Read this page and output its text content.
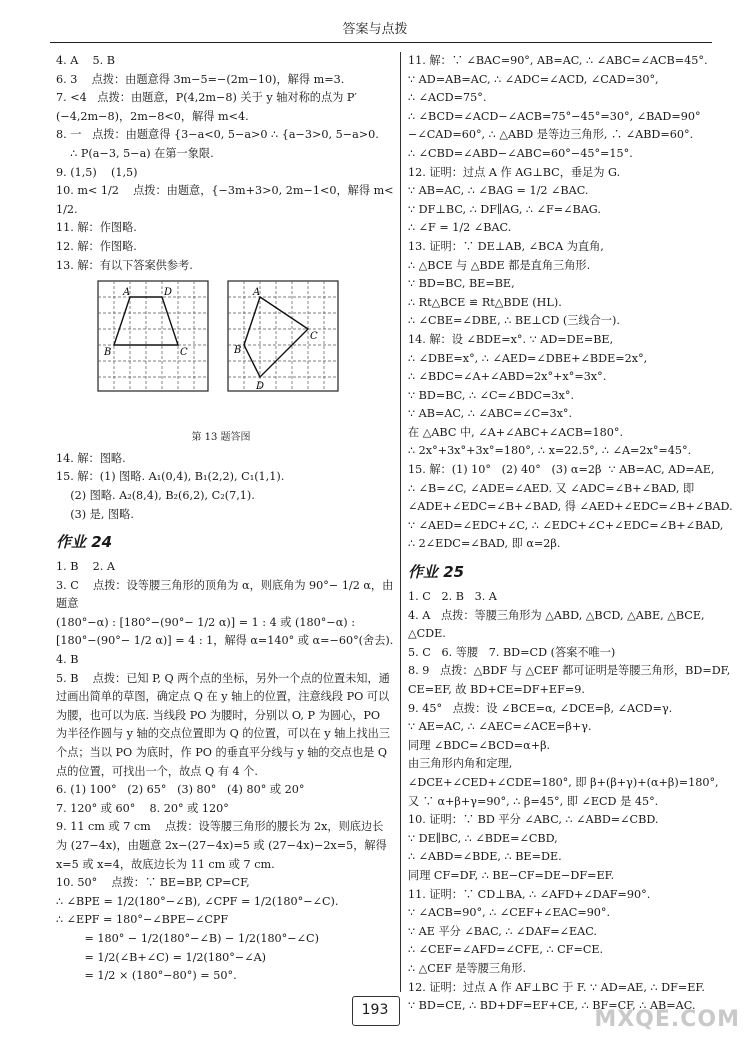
答案与点拨

4. A    5. B

6. 3    点拨：由题意得 3m−5=−(2m−10)，解得 m=3.

7. <4   点拨：由题意，P(4,2m−8) 关于 y 轴对称的点为 P′(−4,2m−8)，2m−8<0，解得 m<4.

8. 一   点拨：由题意得 {3−a<0, 5−a>0 ∴ {a−3>0, 5−a>0.

∴ P(a−3, 5−a) 在第一象限.

9. (1,5)    (1,5)

10. m< 1/2    点拨：由题意，{−3m+3>0, 2m−1<0，解得 m< 1/2.

11. 解：作图略.

12. 解：作图略.

13. 解：有以下答案供参考.

A	D
B	C
A
B
C
D

第 13 题答图

14. 解：图略.

15. 解：(1) 图略. A₁(0,4), B₁(2,2), C₁(1,1).

(2) 图略. A₂(8,4), B₂(6,2), C₂(7,1).

(3) 是, 图略.

作业 24

1. B    2. A

3. C    点拨：设等腰三角形的顶角为 α，则底角为 90°− 1/2 α，由题意

(180°−α) : [180°−(90°− 1/2 α)] = 1 : 4 或 (180°−α) :

[180°−(90°− 1/2 α)] = 4 : 1，解得 α=140° 或 α=−60°(舍去).

4. B

5. B    点拨：已知 P, Q 两个点的坐标，另外一个点的位置未知，通过画出简单的草图，确定点 Q 在 y 轴上的位置，注意线段 PO 可以为腰，也可以为底. 当线段 PO 为腰时，分别以 O, P 为圆心，PO 为半径作圆与 y 轴的交点位置即为 Q 的位置，可以在 y 轴上找出三个点；当以 PO 为底时，作 PO 的垂直平分线与 y 轴的交点也是 Q 点的位置，可找出一个，故点 Q 有 4 个.

6. (1) 100°   (2) 65°   (3) 80°   (4) 80° 或 20°

7. 120° 或 60°    8. 20° 或 120°

9. 11 cm 或 7 cm    点拨：设等腰三角形的腰长为 2x，则底边长为 (27−4x)，由题意 2x−(27−4x)=5 或 (27−4x)−2x=5，解得 x=5 或 x=4，故底边长为 11 cm 或 7 cm.

10. 50°    点拨：∵ BE=BP, CP=CF,

∴ ∠BPE = 1/2(180°−∠B), ∠CPF = 1/2(180°−∠C).

∴ ∠EPF = 180°−∠BPE−∠CPF

= 180° − 1/2(180°−∠B) − 1/2(180°−∠C)

= 1/2(∠B+∠C) = 1/2(180°−∠A)

= 1/2 × (180°−80°) = 50°.

11. 解：∵ ∠BAC=90°, AB=AC, ∴ ∠ABC=∠ACB=45°.

∵ AD=AB=AC, ∴ ∠ADC=∠ACD, ∠CAD=30°,

∴ ∠ACD=75°.

∴ ∠BCD=∠ACD−∠ACB=75°−45°=30°, ∠BAD=90°−∠CAD=60°, ∴ △ABD 是等边三角形, ∴ ∠ABD=60°.

∴ ∠CBD=∠ABD−∠ABC=60°−45°=15°.

12. 证明：过点 A 作 AG⊥BC，垂足为 G.

∵ AB=AC, ∴ ∠BAG = 1/2 ∠BAC.

∵ DF⊥BC, ∴ DF∥AG, ∴ ∠F=∠BAG.

∴ ∠F = 1/2 ∠BAC.

13. 证明：∵ DE⊥AB, ∠BCA 为直角,

∴ △BCE 与 △BDE 都是直角三角形.

∵ BD=BC, BE=BE,

∴ Rt△BCE ≌ Rt△BDE (HL).

∴ ∠CBE=∠DBE, ∴ BE⊥CD (三线合一).

14. 解：设 ∠BDE=x°. ∵ AD=DE=BE,

∴ ∠DBE=x°, ∴ ∠AED=∠DBE+∠BDE=2x°,

∴ ∠BDC=∠A+∠ABD=2x°+x°=3x°.

∵ BD=BC, ∴ ∠C=∠BDC=3x°.

∵ AB=AC, ∴ ∠ABC=∠C=3x°.

在 △ABC 中, ∠A+∠ABC+∠ACB=180°.

∴ 2x°+3x°+3x°=180°, ∴ x=22.5°, ∴ ∠A=2x°=45°.

15. 解：(1) 10°   (2) 40°   (3) α=2β  ∵ AB=AC, AD=AE,

∴ ∠B=∠C, ∠ADE=∠AED. 又 ∠ADC=∠B+∠BAD, 即 ∠ADE+∠EDC=∠B+∠BAD, 得 ∠AED+∠EDC=∠B+∠BAD. ∵ ∠AED=∠EDC+∠C, ∴ ∠EDC+∠C+∠EDC=∠B+∠BAD, ∴ 2∠EDC=∠BAD, 即 α=2β.

作业 25

1. C   2. B   3. A

4. A   点拨：等腰三角形为 △ABD, △BCD, △ABE, △BCE, △CDE.

5. C   6. 等腰   7. BD=CD (答案不唯一)

8. 9   点拨：△BDF 与 △CEF 都可证明是等腰三角形，BD=DF, CE=EF, 故 BD+CE=DF+EF=9.

9. 45°   点拨：设 ∠BCE=α, ∠DCE=β, ∠ACD=γ.

∵ AE=AC, ∴ ∠AEC=∠ACE=β+γ.

同理 ∠BDC=∠BCD=α+β.

由三角形内角和定理,

∠DCE+∠CED+∠CDE=180°, 即 β+(β+γ)+(α+β)=180°,

又 ∵ α+β+γ=90°, ∴ β=45°, 即 ∠ECD 是 45°.

10. 证明：∵ BD 平分 ∠ABC, ∴ ∠ABD=∠CBD.

∵ DE∥BC, ∴ ∠BDE=∠CBD,

∴ ∠ABD=∠BDE, ∴ BE=DE.

同理 CF=DF, ∴ BE−CF=DE−DF=EF.

11. 证明：∵ CD⊥BA, ∴ ∠AFD+∠DAF=90°.

∵ ∠ACB=90°, ∴ ∠CEF+∠EAC=90°.

∵ AE 平分 ∠BAC, ∴ ∠DAF=∠EAC.

∴ ∠CEF=∠AFD=∠CFE, ∴ CF=CE.

∴ △CEF 是等腰三角形.

12. 证明：过点 A 作 AF⊥BC 于 F. ∵ AD=AE, ∴ DF=EF.

∵ BD=CE, ∴ BD+DF=EF+CE, ∴ BF=CF, ∴ AB=AC.

193	MXQE.COM
